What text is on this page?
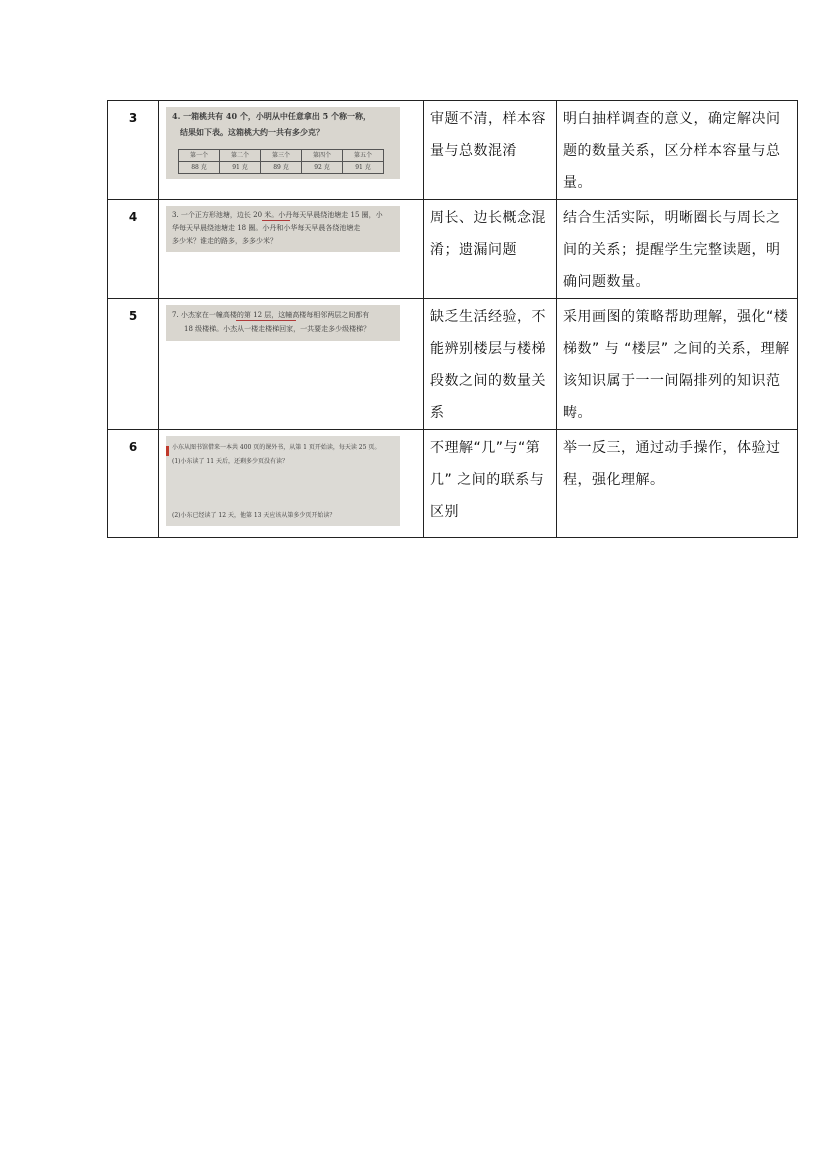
3	4. 一箱桃共有 40 个，小明从中任意拿出 5 个称一称，
结果如下表。这箱桃大约一共有多少克？
第一个	第二个	第三个	第四个	第五个
88 克	91 克	89 克	92 克	91 克
	审题不清，样本容量与总数混淆	明白抽样调查的意义，确定解决问题的数量关系，区分样本容量与总量。
4	3. 一个正方形池塘，边长 20 米。小丹每天早晨绕池塘走 15 圈，小
华每天早晨绕池塘走 18 圈。小丹和小华每天早晨各绕池塘走
多少米？谁走的路多，多多少米？
	周长、边长概念混淆；遗漏问题	结合生活实际，明晰圈长与周长之间的关系；提醒学生完整读题，明确问题数量。
5	7. 小杰家在一幢高楼的第 12 层，这幢高楼每相邻两层之间都有
18 级楼梯。小杰从一楼走楼梯回家，一共要走多少级楼梯？
	缺乏生活经验，不能辨别楼层与楼梯段数之间的数量关系	采用画图的策略帮助理解，强化“楼梯数” 与 “楼层” 之间的关系，理解该知识属于一一间隔排列的知识范畴。
6	小东从图书馆借来一本共 400 页的课外书，从第 1 页开始读，每天读 25 页。
(1)小东读了 11 天后，还剩多少页没有读？
(2)小东已经读了 12 天，他第 13 天应该从第多少页开始读？
	不理解“几”与“第几” 之间的联系与区别	举一反三，通过动手操作，体验过程，强化理解。
